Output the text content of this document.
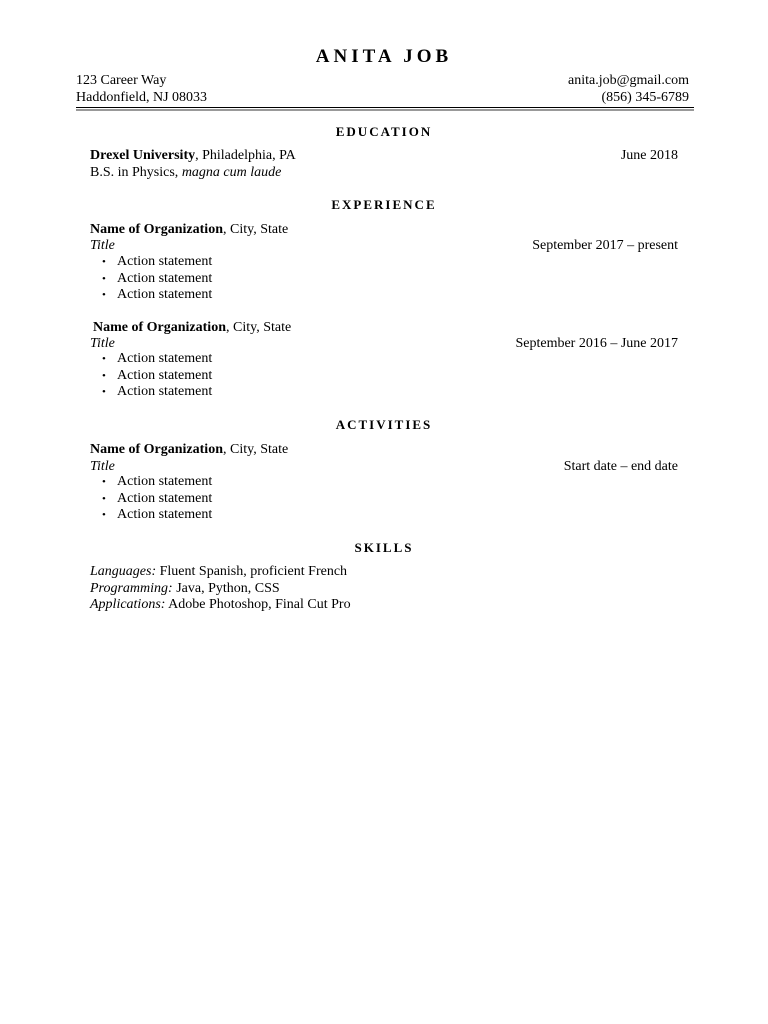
ANITA JOB
123 Career Way
Haddonfield, NJ 08033
anita.job@gmail.com
(856) 345-6789
EDUCATION
Drexel University, Philadelphia, PA	June 2018
B.S. in Physics, magna cum laude
EXPERIENCE
Name of Organization, City, State
Title	September 2017 – present
• Action statement
• Action statement
• Action statement
Name of Organization, City, State
Title	September 2016 – June 2017
• Action statement
• Action statement
• Action statement
ACTIVITIES
Name of Organization, City, State
Title	Start date – end date
• Action statement
• Action statement
• Action statement
SKILLS
Languages: Fluent Spanish, proficient French
Programming: Java, Python, CSS
Applications: Adobe Photoshop, Final Cut Pro
